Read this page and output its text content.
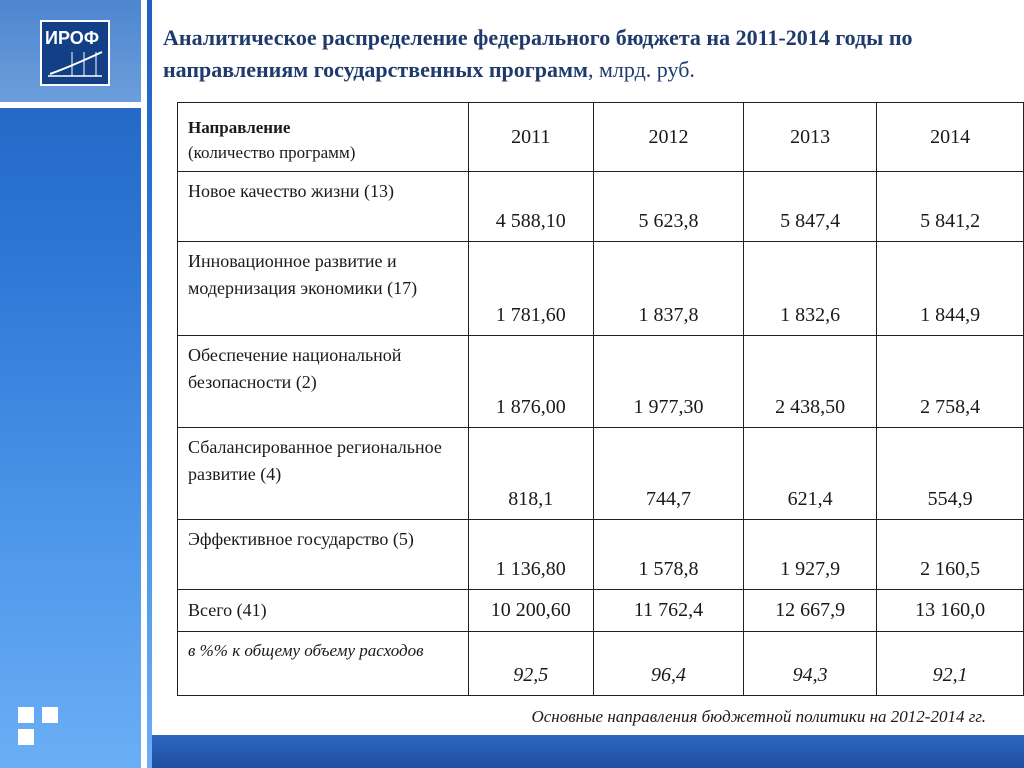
ИРОФ	Аналитическое распределение федерального бюджета на 2011-2014 годы по направлениям государственных программ, млрд. руб.
Направление
(количество программ)	2011	2012	2013	2014
Новое качество жизни (13)	4 588,10	5 623,8	5 847,4	5 841,2
Инновационное развитие и модернизация экономики (17)	1 781,60	1 837,8	1 832,6	1 844,9
Обеспечение национальной безопасности (2)	1 876,00	1 977,30	2 438,50	2 758,4
Сбалансированное региональное развитие (4)	818,1	744,7	621,4	554,9
Эффективное государство (5)	1 136,80	1 578,8	1 927,9	2 160,5
Всего (41)	10 200,60	11 762,4	12 667,9	13 160,0
в %% к общему объему расходов	92,5	96,4	94,3	92,1
Основные направления бюджетной политики на 2012-2014 гг.
